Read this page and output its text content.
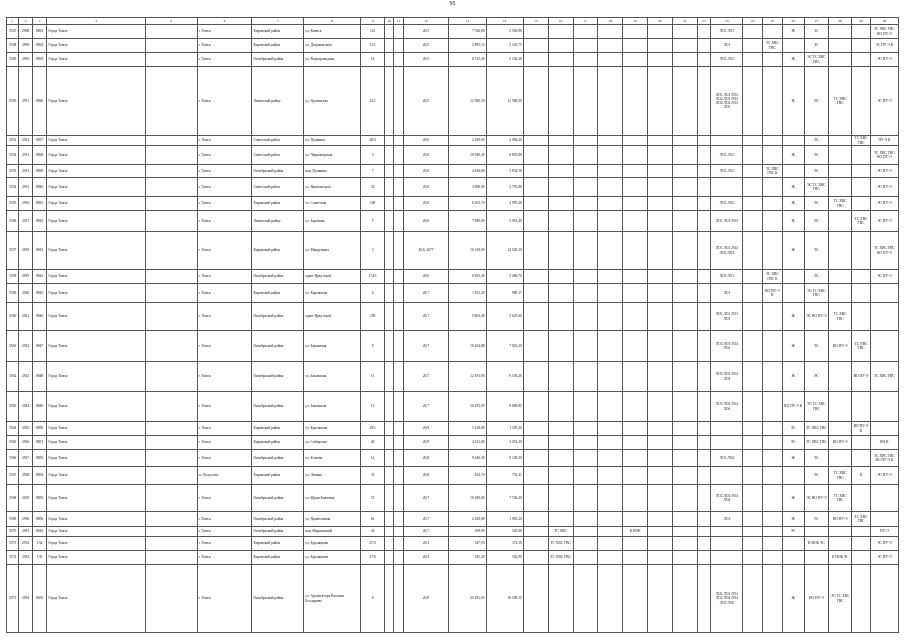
95
1	2	3	4	5	6	7	8	9	10	11	12	13	14	15	16	17	18	19	20	21	22	23	24	25	26	27	28	29	30
5547	2908	8833	Город Томск		г. Томск	Кировский район	ул. Киевск	141			20,5	7 536,89	5 592,90									ЛО1 ЛО1			Ж	ЗС			ТС ХВС ГВС ВО ПУ-Э
5548	2909	8834	Город Томск		г. Томск	Кировский район	ул. Дзержинского	51/1			20,5	2 893,14	2 143,75									ЛО1		ТС ХВС ГВС		ЗС			ЭС ПУ-Э К
5549	2910	8835	Город Томск		г. Томск	Октябрьский район	ул. Водопроводная	14			20,5	6 135,20	5 102,20									ЛО1 ЛО1			Ж	ЭС ТС ХВС ГВС			ЭС ПУ-Э
5550	2911	8836	Город Томск		г. Томск	Ленинский район	ул. Грузинская	22/1			20,5	12 580,50	12 580,50									ЛО1 ЛО1 ЛО2 ЛО2 ЛО3 ЛО3 ЛО4 ЛО4 ЛО5 ЛО5			Ж	ЭС	ТС ХВС ГВС		ЭС ПУ-Э
5551	2912	8837	Город Томск		г. Томск	Советский район	ул. Пушкина	28/3			20,6	2 189,60	2 084,20													ЭС		ТС ХВС ГВС	ПУ-Э К
5552	2913	8838	Город Томск		г. Томск	Советский район	ул. Черноморская	5			20,6	10 949,45	8 855,89									ЛО1 ЛО1			Ж	ЭС			ТС ХВС ГВС ВО ПУ-Э
5553	2914	8839	Город Томск		г. Томск	Октябрьский район	пер. Пушкина	7			20,6	4 456,60	3 934,50									ЛО1 ЛО1		ТС ХВС ГВС К		ЭС			ЭС ПУ-Э
5554	2915	8840	Город Томск		г. Томск	Советский район	ул. Яковлевского	32			20,6	3 896,90	2 791,80												Ж	ЭС ТС ХВС ГВС			ЭС ПУ-Э
5555	2916	8841	Город Томск		г. Томск	Кировский район	ул. Советская	106			20,6	6 203,70	4 970,20									ЛО1 ЛО2			Ж	ЭС	ТС ХВС ГВС		ЭС ПУ-Э
5556	2917	8842	Город Томск		г. Томск	Ленинский район	ул. Заречная	5			20,6	7 849,80	5 951,40									ЛО1 ЛО1 ЛО3			Ж	ЭС		ТС ХВС ГВС	ЭС ПУ-Э
5557	2918	8843	Город Томск		г. Томск	Кировский район	ул. Макрушина	3			20,6, 2077	16 149,90	12 545,10									ЛО1 ЛО1 ЛО2 ЛО2 ЛО4			Ж	ЭС			ТС ХВС ГВС ВО ПУ-Э
5558	2919	8844	Город Томск		г. Томск	Октябрьский район	тракт Иркутский	174/1			20,6	6 855,30	5 496,70									ЛО1 ЛО1		ТС ХВС ГВС К		ЭС			ЭС ПУ-Э
5559	2920	8845	Город Томск		г. Томск	Кировский район	ул. Карташова	4			20,7	1 811,20	990,17									ЛО1		ВО ПУ-Э К		ЭС ТС ХВС ГВС			
5560	2921	8846	Город Томск		г. Томск	Октябрьский район	тракт Иркутский	108			20,7	5 603,40	5 625,60									ЛО1 ЛО1 ЛО3 ЛО3			Ж	ЭС ВО ПУ-Э	ТС ХВС ГВС		
5561	2922	8847	Город Томск		г. Томск	Октябрьский район	ул. Бакинская	8			20,7	10 454,88	7 901,20									ЛО3 ЛО3 ЛО4 ЛО4			Ж	ЭС	ВО ПУ-Э	ТС ХВС ГВС	
5562	2923	8848	Город Томск		г. Томск	Октябрьский район	ул. Бакинская	11			20,7	12 191,90	9 103,20									ЛО3 ЛО3 ЛО4 ЛО4			Ж	ЭС		ВО ПУ-Э	ТС ХВС ГВС
5563	2924	8849	Город Томск		г. Томск	Октябрьский район	ул. Бакинская	12			20,7	16 455,90	8 890,85									ЛО3 ЛО3 ЛО4 ЛО4			ВО ПУ-Э К	ЭС ТС ХВС ГВС			
5564	2925	8850	Город Томск		г. Томск	Кировский район	ул. Карташова	18/1			20,9	1 218,80	1 187,20												ЭС	ТС ХВС ГВС		ВО ПУ-Э К	
5565	2926	8851	Город Томск		г. Томск	Кировский район	ул. Сибирская	40			20,9	4 221,80	3 074,20												ЭС	ТС ХВС ГВС	ВО ПУ-Э		ВО К
5566	2927	8853	Город Томск		г. Томск	Октябрьский район	ул. Клюева	14			20,8	9 446,30	8 149,20									ЛО1 ЛО2			Ж	ЭС			ТС ХВС ГВС ВО ПУ-Э К
5567	2928	8854	Город Томск		п. Лоскутово	Кировский район	ул. Ленина	35			20,8	834,70	791,41													ЭС	ТС ХВС ГВС	К	ЭС ПУ-Э
5568	2929	8855	Город Томск		г. Томск	Октябрьский район	ул. Юрия Ковалева	72			20,7	10 289,80	7 746,20									ЛО2 ЛО2 ЛО4 ЛО4			Ж	ЭС ВО ПУ-Э	ТС ХВС ГВС		
5569	2930	8856	Город Томск		г. Томск	Октябрьский район	ул. Приветливая	61			20,7	2 450,80	1 963,20									ЛО1			Ж	ЭС	ВО ПУ-Э	ТС ХВС ГВС	
5570	2931	8643	Город Томск		г. Томск	Октябрьский район	пер. Мариинский	24			20,7	169,00	145,00		ТС ХВС			К НОК							ЭС				ПУ-Э
5571	2932	134	Город Томск		г. Томск	Кировский район	ул. Бурлацкова	27/3			20,4	547,93	372,58		ТС ХВС ГВС											К НОК ЭС			ЭС ПУ-Э
5572	2933	135	Город Томск		г. Томск	Кировский район	ул. Бурлацкова	27/6			20,4	545,20	502,90		ТС ХВС ГВС												К НОК ЭС		ЭС ПУ-Э
5573	2934	8635	Город Томск		г. Томск	Октябрьский район	ул. Архитектора Василия Болдырева	6			20,8	25 381,03	18 558,15									ЛО1 ЛО1 ЛО2 ЛО2 ЛО4 ЛО4 ЛО5 ЛО5			Ж	ВО ПУ-Э	ЭС ТС ХВС ГВС		
